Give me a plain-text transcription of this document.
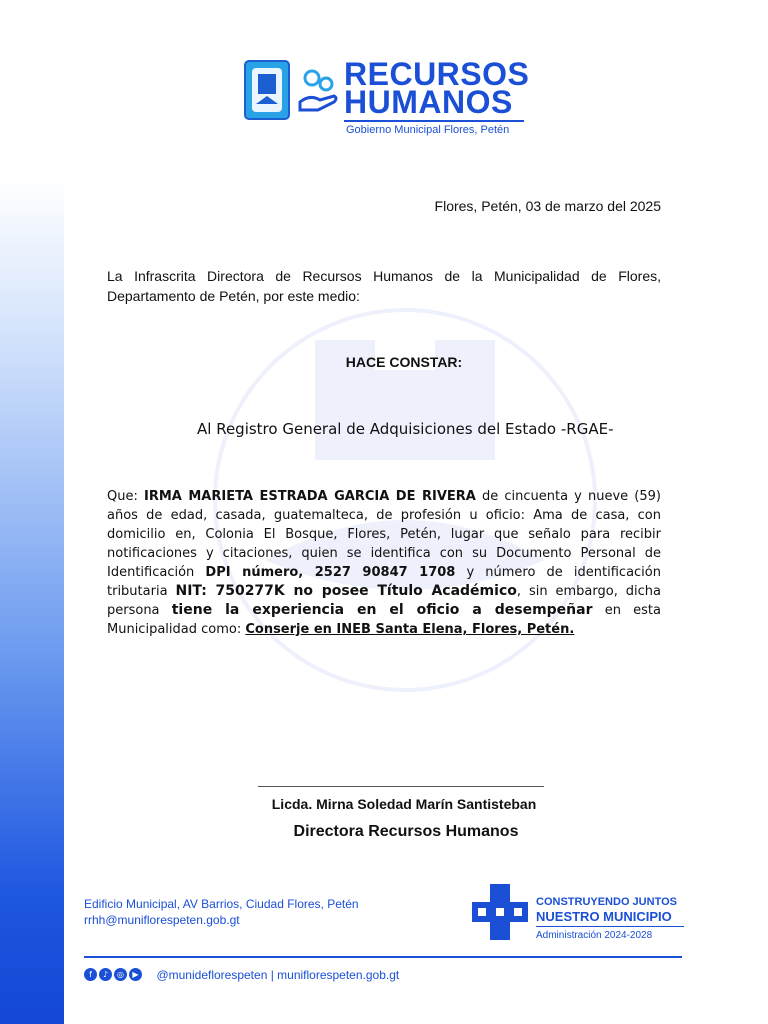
RECURSOS
HUMANOS
Gobierno Municipal Flores, Petén
Flores, Petén, 03 de marzo del 2025
La Infrascrita Directora de Recursos Humanos de la Municipalidad de Flores, Departamento de Petén, por este medio:
HACE CONSTAR:
Al Registro General de Adquisiciones del Estado -RGAE-
Que: IRMA MARIETA ESTRADA GARCIA DE RIVERA de cincuenta y nueve (59) años de edad, casada, guatemalteca, de profesión u oficio: Ama de casa, con domicilio en, Colonia El Bosque, Flores, Petén, lugar que señalo para recibir notificaciones y citaciones, quien se identifica con su Documento Personal de Identificación DPI número, 2527 90847 1708 y número de identificación tributaria NIT: 750277K no posee Título Académico, sin embargo, dicha persona tiene la experiencia en el oficio a desempeñar en esta Municipalidad como: Conserje en INEB Santa Elena, Flores, Petén.
Licda. Mirna Soledad Marín Santisteban
Directora Recursos Humanos
Edificio Municipal, AV Barrios, Ciudad Flores, Petén
rrhh@muniflorespeten.gob.gt
CONSTRUYENDO JUNTOS
NUESTRO MUNICIPIO
Administración 2024-2028
f ♪ ◎ ▶ @munideflorespeten | muniflorespeten.gob.gt
